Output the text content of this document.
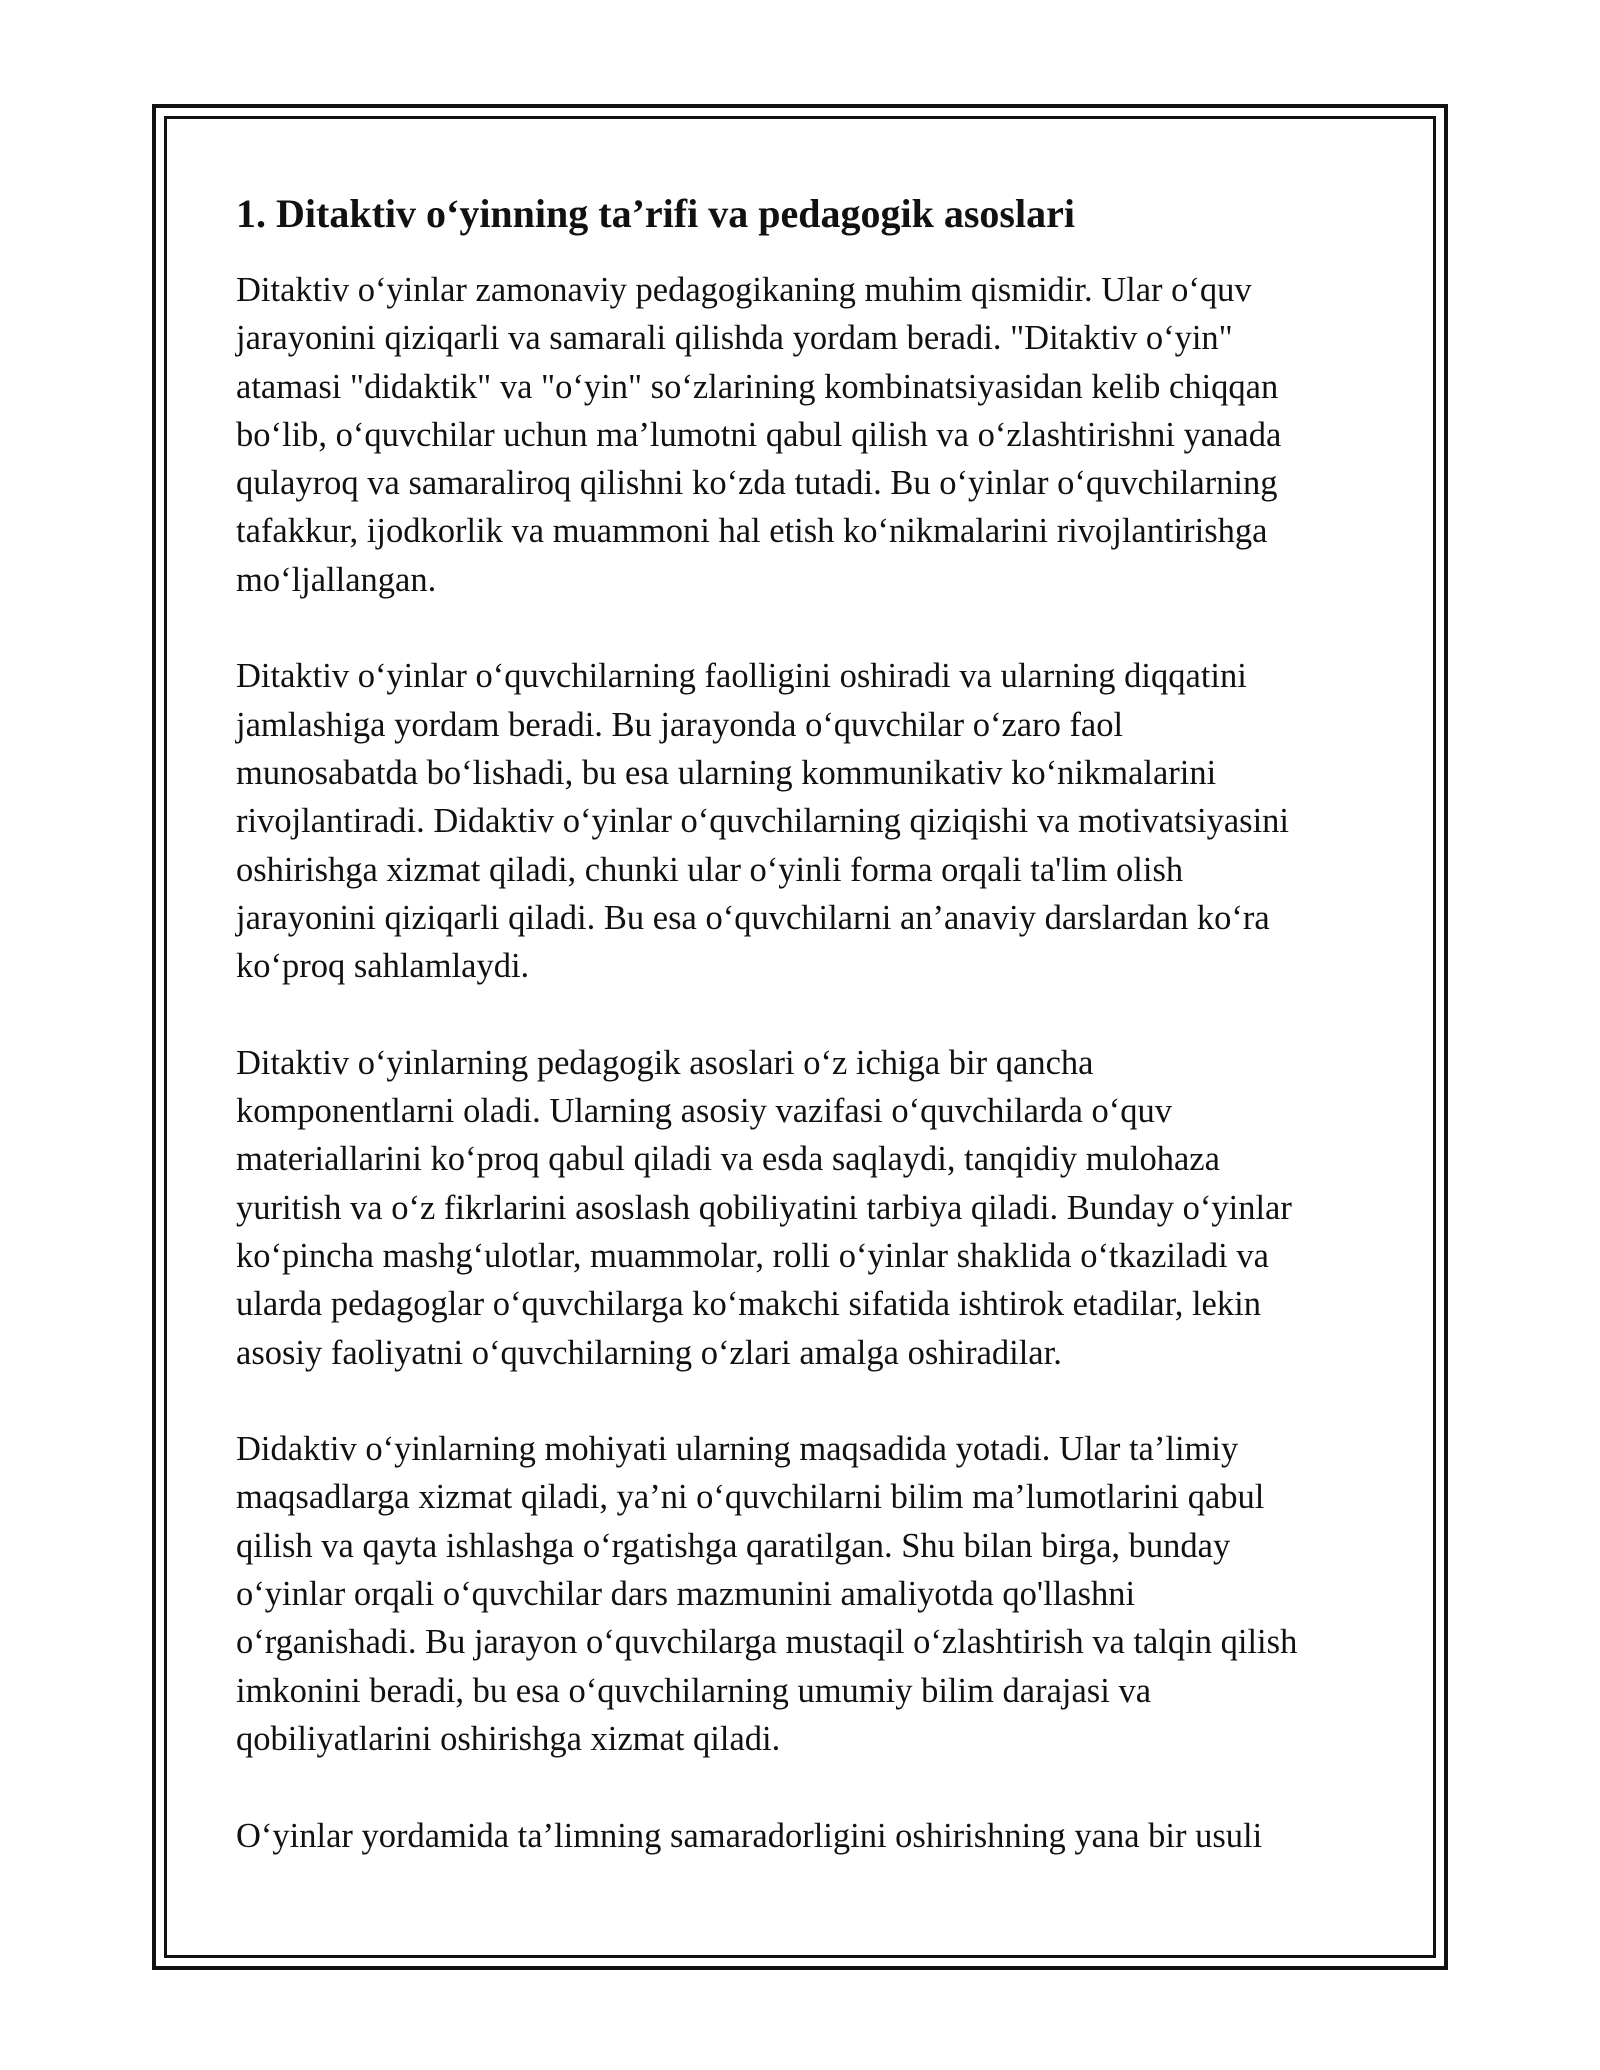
1. Ditaktiv o‘yinning ta’rifi va pedagogik asoslari
Ditaktiv o‘yinlar zamonaviy pedagogikaning muhim qismidir. Ular o‘quv
jarayonini qiziqarli va samarali qilishda yordam beradi. "Ditaktiv o‘yin"
atamasi "didaktik" va "o‘yin" so‘zlarining kombinatsiyasidan kelib chiqqan
bo‘lib, o‘quvchilar uchun ma’lumotni qabul qilish va o‘zlashtirishni yanada
qulayroq va samaraliroq qilishni ko‘zda tutadi. Bu o‘yinlar o‘quvchilarning
tafakkur, ijodkorlik va muammoni hal etish ko‘nikmalarini rivojlantirishga
mo‘ljallangan.
Ditaktiv o‘yinlar o‘quvchilarning faolligini oshiradi va ularning diqqatini
jamlashiga yordam beradi. Bu jarayonda o‘quvchilar o‘zaro faol
munosabatda bo‘lishadi, bu esa ularning kommunikativ ko‘nikmalarini
rivojlantiradi. Didaktiv o‘yinlar o‘quvchilarning qiziqishi va motivatsiyasini
oshirishga xizmat qiladi, chunki ular o‘yinli forma orqali ta'lim olish
jarayonini qiziqarli qiladi. Bu esa o‘quvchilarni an’anaviy darslardan ko‘ra
ko‘proq sahlamlaydi.
Ditaktiv o‘yinlarning pedagogik asoslari o‘z ichiga bir qancha
komponentlarni oladi. Ularning asosiy vazifasi o‘quvchilarda o‘quv
materiallarini ko‘proq qabul qiladi va esda saqlaydi, tanqidiy mulohaza
yuritish va o‘z fikrlarini asoslash qobiliyatini tarbiya qiladi. Bunday o‘yinlar
ko‘pincha mashg‘ulotlar, muammolar, rolli o‘yinlar shaklida o‘tkaziladi va
ularda pedagoglar o‘quvchilarga ko‘makchi sifatida ishtirok etadilar, lekin
asosiy faoliyatni o‘quvchilarning o‘zlari amalga oshiradilar.
Didaktiv o‘yinlarning mohiyati ularning maqsadida yotadi. Ular ta’limiy
maqsadlarga xizmat qiladi, ya’ni o‘quvchilarni bilim ma’lumotlarini qabul
qilish va qayta ishlashga o‘rgatishga qaratilgan. Shu bilan birga, bunday
o‘yinlar orqali o‘quvchilar dars mazmunini amaliyotda qo'llashni
o‘rganishadi. Bu jarayon o‘quvchilarga mustaqil o‘zlashtirish va talqin qilish
imkonini beradi, bu esa o‘quvchilarning umumiy bilim darajasi va
qobiliyatlarini oshirishga xizmat qiladi.
O‘yinlar yordamida ta’limning samaradorligini oshirishning yana bir usuli
